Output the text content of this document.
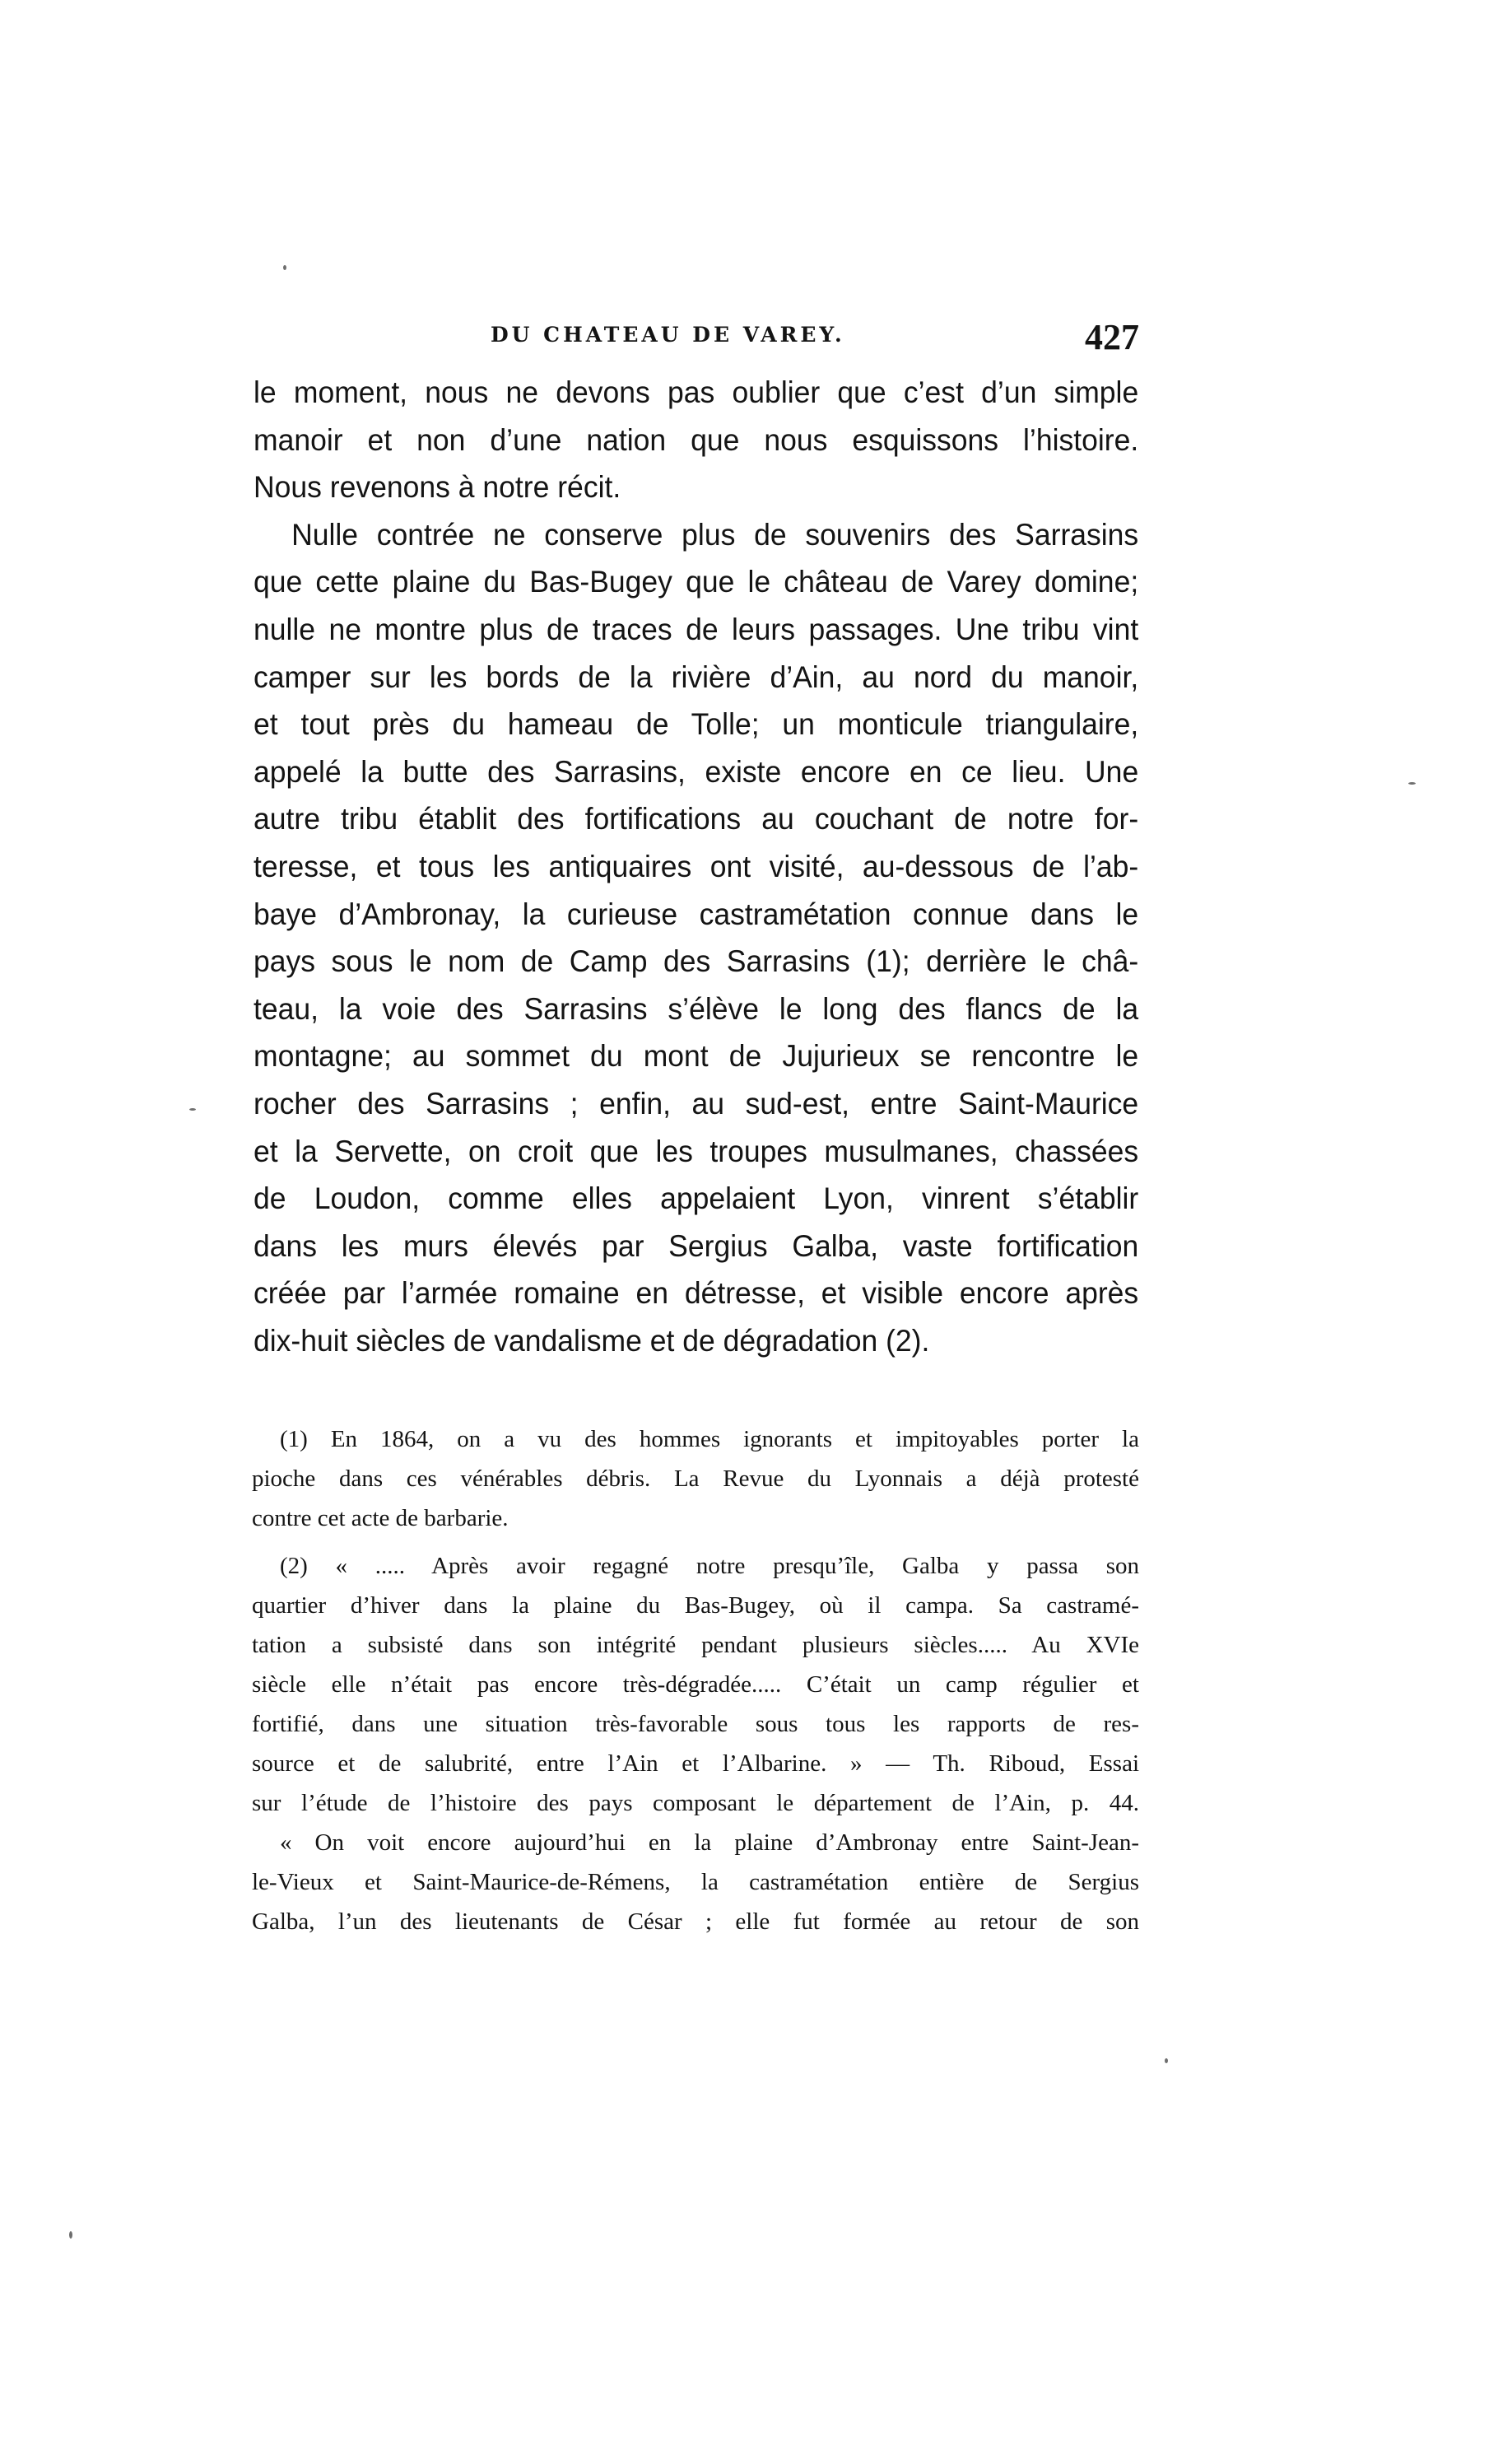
DU CHATEAU DE VAREY.	427
le moment, nous ne devons pas oublier que c’est d’un simple
manoir et non d’une nation que nous esquissons l’histoire.
Nous revenons à notre récit.
Nulle contrée ne conserve plus de souvenirs des Sarrasins
que cette plaine du Bas-Bugey que le château de Varey domine;
nulle ne montre plus de traces de leurs passages. Une tribu vint
camper sur les bords de la rivière d’Ain, au nord du manoir,
et tout près du hameau de Tolle; un monticule triangulaire,
appelé la butte des Sarrasins, existe encore en ce lieu. Une
autre tribu établit des fortifications au couchant de notre for-
teresse, et tous les antiquaires ont visité, au-dessous de l’ab-
baye d’Ambronay, la curieuse castramétation connue dans le
pays sous le nom de Camp des Sarrasins (1); derrière le châ-
teau, la voie des Sarrasins s’élève le long des flancs de la
montagne; au sommet du mont de Jujurieux se rencontre le
rocher des Sarrasins ; enfin, au sud-est, entre Saint-Maurice
et la Servette, on croit que les troupes musulmanes, chassées
de Loudon, comme elles appelaient Lyon, vinrent s’établir
dans les murs élevés par Sergius Galba, vaste fortification
créée par l’armée romaine en détresse, et visible encore après
dix-huit siècles de vandalisme et de dégradation (2).
(1) En 1864, on a vu des hommes ignorants et impitoyables porter la
pioche dans ces vénérables débris. La Revue du Lyonnais a déjà protesté
contre cet acte de barbarie.
(2) « ..... Après avoir regagné notre presqu’île, Galba y passa son
quartier d’hiver dans la plaine du Bas-Bugey, où il campa. Sa castramé-
tation a subsisté dans son intégrité pendant plusieurs siècles..... Au XVIe
siècle elle n’était pas encore très-dégradée..... C’était un camp régulier et
fortifié, dans une situation très-favorable sous tous les rapports de res-
source et de salubrité, entre l’Ain et l’Albarine. » — Th. Riboud, Essai
sur l’étude de l’histoire des pays composant le département de l’Ain, p. 44.
« On voit encore aujourd’hui en la plaine d’Ambronay entre Saint-Jean-
le-Vieux et Saint-Maurice-de-Rémens, la castramétation entière de Sergius
Galba, l’un des lieutenants de César ; elle fut formée au retour de son
